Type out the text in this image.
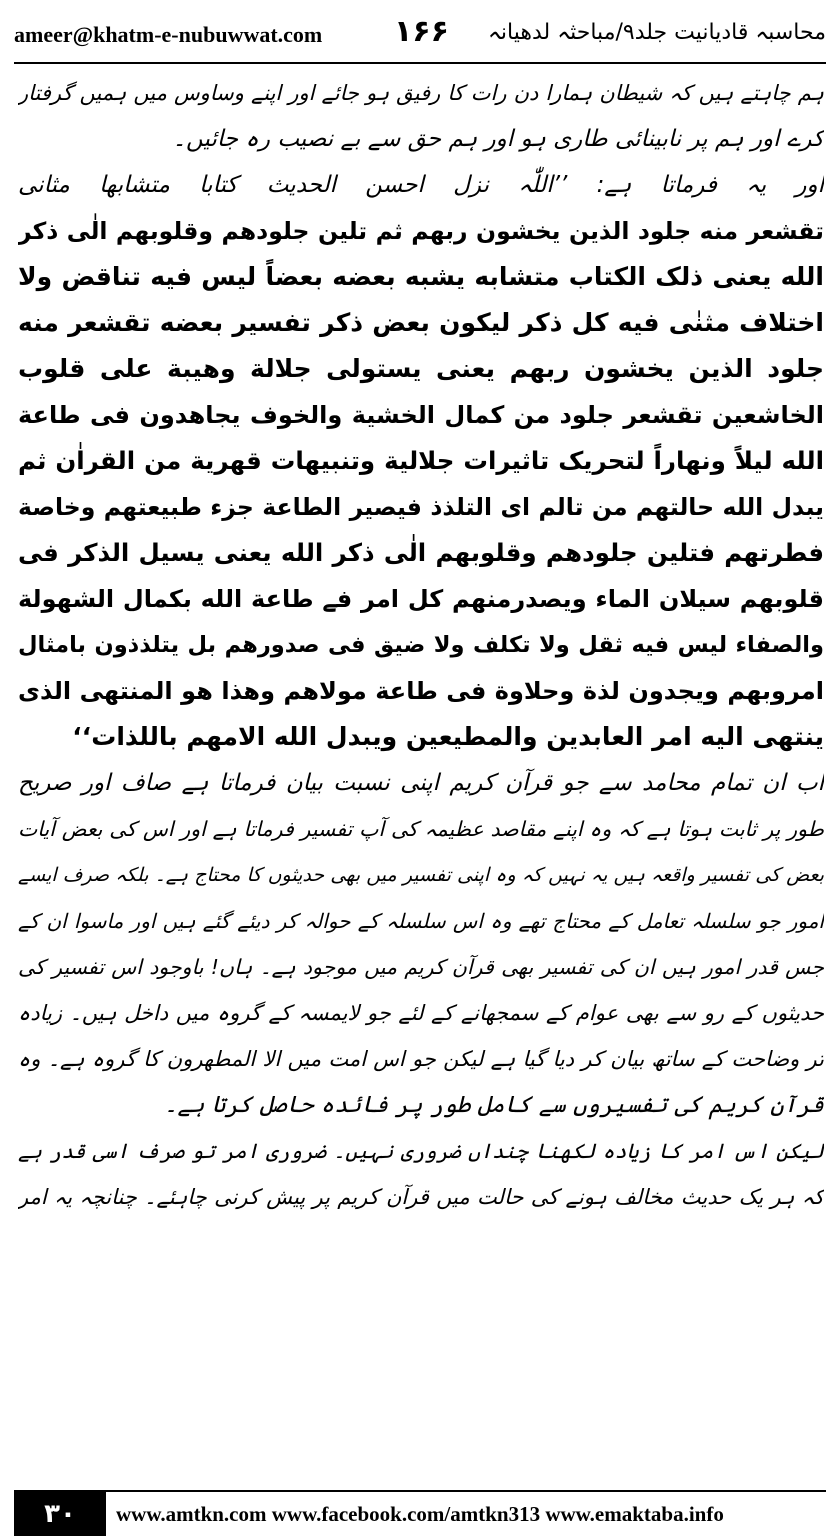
ameer@khatm-e-nubuwwat.com ۱۶۶ محاسبہ قادیانیت جلد۹/مباحثہ لدھیانہ
ہم چاہتے ہیں کہ شیطان ہمارا دن رات کا رفیق ہو جائے اور اپنے وساوس میں ہمیں گرفتار
کرے اور ہم پر نابینائی طاری ہو اور ہم حق سے بے نصیب رہ جائیں۔
اور یہ فرماتا ہے: ’’اللّٰہ نزل احسن الحدیث کتابا متشابها مثانی
تقشعر منه جلود الذین یخشون ربهم ثم تلین جلودهم وقلوبهم الٰی ذکر
الله یعنی ذلک الکتاب متشابه یشبه بعضه بعضاً لیس فیه تناقض ولا
اختلاف مثنٰی فیه کل ذکر لیکون بعض ذکر تفسیر بعضه تقشعر منه
جلود الذین یخشون ربهم یعنی یستولی جلالة وهیبة علی قلوب
الخاشعین تقشعر جلود من کمال الخشیة والخوف یجاهدون فی طاعة
الله لیلاً ونهاراً لتحریک تاثیرات جلالیة وتنبیهات قهریة من القراٰن ثم
یبدل الله حالتهم من تالم ای التلذذ فیصیر الطاعة جزء طبیعتهم وخاصة
فطرتهم فتلین جلودهم وقلوبهم الٰی ذکر الله یعنی یسیل الذکر فی
قلوبهم سیلان الماء ویصدرمنهم کل امر فے طاعة الله بکمال الشهولة
والصفاء لیس فیه ثقل ولا تکلف ولا ضیق فی صدورهم بل یتلذذون بامثال
امروبهم ویجدون لذة وحلاوة فی طاعة مولاهم وهذا هو المنتهی الذی
ینتهی الیه امر العابدین والمطیعین ویبدل الله الامهم باللذات‘‘
اب ان تمام محامد سے جو قرآن کریم اپنی نسبت بیان فرماتا ہے صاف اور صریح
طور پر ثابت ہوتا ہے کہ وہ اپنے مقاصد عظیمہ کی آپ تفسیر فرماتا ہے اور اس کی بعض آیات
بعض کی تفسیر واقعہ ہیں یہ نہیں کہ وہ اپنی تفسیر میں بھی حدیثوں کا محتاج ہے۔ بلکہ صرف ایسے
امور جو سلسلہ تعامل کے محتاج تھے وہ اس سلسلہ کے حوالہ کر دیئے گئے ہیں اور ماسوا ان کے
جس قدر امور ہیں ان کی تفسیر بھی قرآن کریم میں موجود ہے۔ ہاں! باوجود اس تفسیر کی
حدیثوں کے رو سے بھی عوام کے سمجھانے کے لئے جو لایمسہ کے گروہ میں داخل ہیں۔ زیادہ
تر وضاحت کے ساتھ بیان کر دیا گیا ہے لیکن جو اس امت میں الا المطهرون کا گروہ ہے۔ وہ
قرآن کریم کی تفسیروں سے کامل طور پر فائدہ حاصل کرتا ہے۔
لیکن اس امر کا زیادہ لکھنا چنداں ضروری نہیں۔ ضروری امر تو صرف اسی قدر ہے
کہ ہر یک حدیث مخالف ہونے کی حالت میں قرآن کریم پر پیش کرنی چاہئے۔ چنانچہ یہ امر
۳۰	www.amtkn.com www.facebook.com/amtkn313 www.emaktaba.info
